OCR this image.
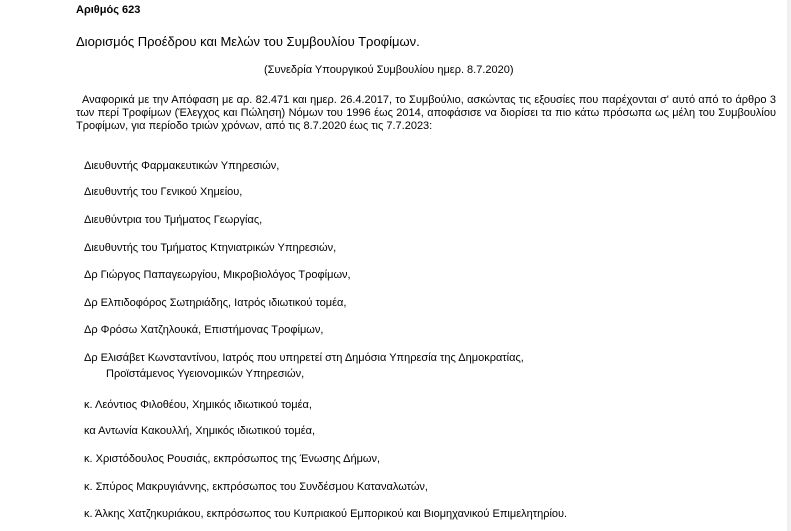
Αριθμός 623
Διορισμός Προέδρου και Μελών του Συμβουλίου Τροφίμων.
(Συνεδρία Υπουργικού Συμβουλίου ημερ. 8.7.2020)
Αναφορικά με την Απόφαση με αρ. 82.471 και ημερ. 26.4.2017, το Συμβούλιο, ασκώντας τις εξουσίες που παρέχονται σ' αυτό από το άρθρο 3 των περί Τροφίμων (Έλεγχος και Πώληση) Νόμων του 1996 έως 2014, αποφάσισε να διορίσει τα πιο κάτω πρόσωπα ως μέλη του Συμβουλίου Τροφίμων, για περίοδο τριών χρόνων, από τις 8.7.2020 έως τις 7.7.2023:
Διευθυντής Φαρμακευτικών Υπηρεσιών,
Διευθυντής του Γενικού Χημείου,
Διευθύντρια του Τμήματος Γεωργίας,
Διευθυντής του Τμήματος Κτηνιατρικών Υπηρεσιών,
Δρ Γιώργος Παπαγεωργίου, Μικροβιολόγος Τροφίμων,
Δρ Ελπιδοφόρος Σωτηριάδης, Ιατρός ιδιωτικού τομέα,
Δρ Φρόσω Χατζηλουκά, Επιστήμονας Τροφίμων,
Δρ Ελισάβετ Κωνσταντίνου, Ιατρός που υπηρετεί στη Δημόσια Υπηρεσία της Δημοκρατίας,
Προϊστάμενος Υγειονομικών Υπηρεσιών,
κ. Λεόντιος Φιλοθέου, Χημικός ιδιωτικού τομέα,
κα Αντωνία Κακουλλή, Χημικός ιδιωτικού τομέα,
κ. Χριστόδουλος Ρουσιάς, εκπρόσωπος της Ένωσης Δήμων,
κ. Σπύρος Μακρυγιάννης, εκπρόσωπος του Συνδέσμου Καταναλωτών,
κ. Άλκης Χατζηκυριάκου, εκπρόσωπος του Κυπριακού Εμπορικού και Βιομηχανικού Επιμελητηρίου.
